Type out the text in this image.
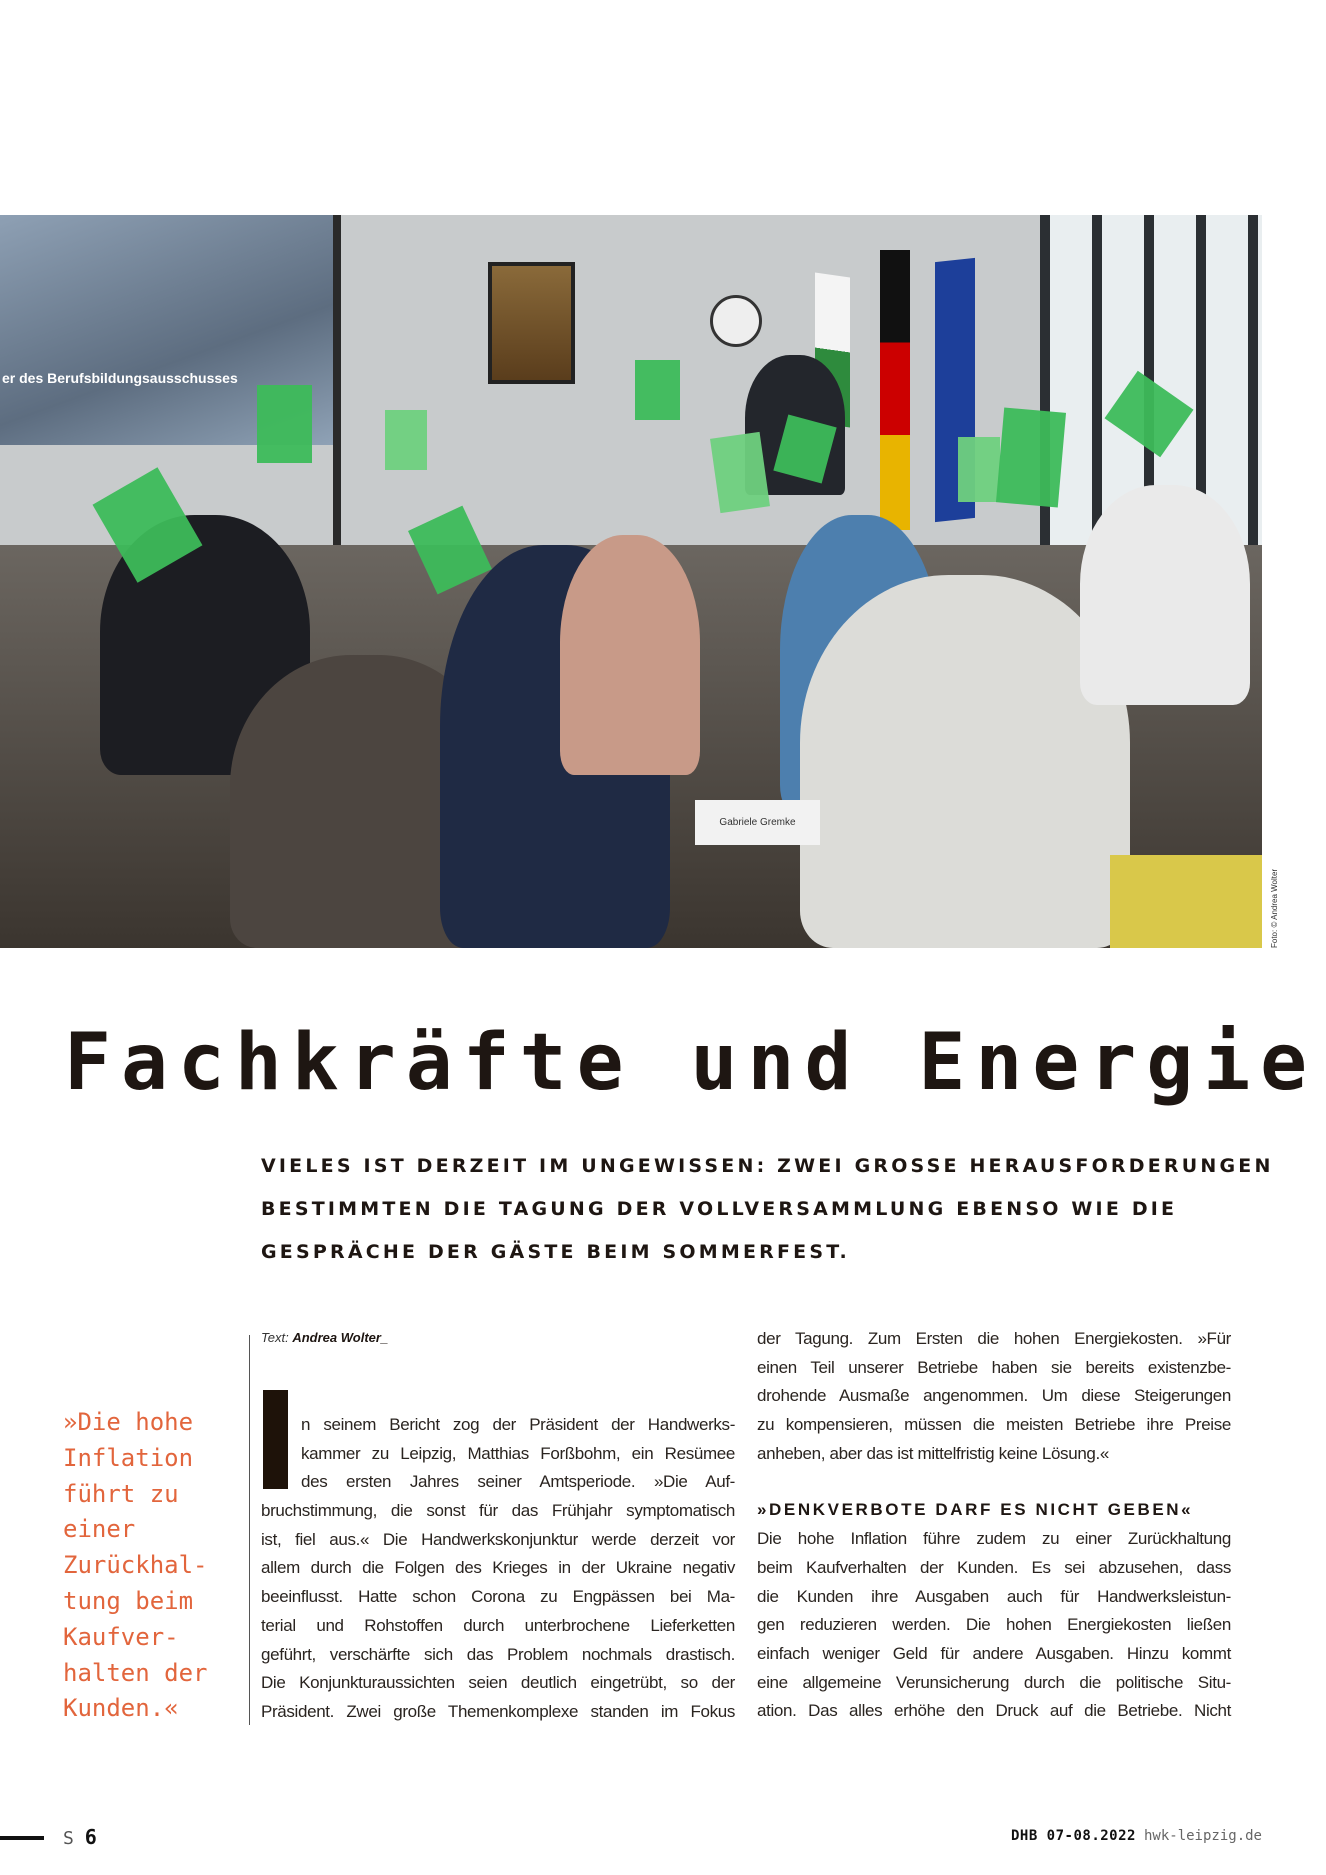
er des Berufsbildungsausschusses
Gabriele Gremke
Foto: © Andrea Wolter
Fachkräfte und Energie
VIELES IST DERZEIT IM UNGEWISSEN: ZWEI GROSSE HERAUSFORDERUNGEN
BESTIMMTEN DIE TAGUNG DER VOLLVERSAMMLUNG EBENSO WIE DIE
GESPRÄCHE DER GÄSTE BEIM SOMMERFEST.
»Die hohe
Inflation
führt zu
einer
Zurückhal-
tung beim
Kaufver-
halten der
Kunden.«
Text: Andrea Wolter_
n seinem Bericht zog der Präsident der Handwerks-
kammer zu Leipzig, Matthias Forßbohm, ein Resümee
des ersten Jahres seiner Amtsperiode. »Die Auf-
bruchstimmung, die sonst für das Frühjahr symptomatisch
ist, fiel aus.« Die Handwerkskonjunktur werde derzeit vor
allem durch die Folgen des Krieges in der Ukraine negativ
beeinflusst. Hatte schon Corona zu Engpässen bei Ma-
terial und Rohstoffen durch unterbrochene Lieferketten
geführt, verschärfte sich das Problem nochmals drastisch.
Die Konjunkturaussichten seien deutlich eingetrübt, so der
Präsident. Zwei große Themenkomplexe standen im Fokus
der Tagung. Zum Ersten die hohen Energiekosten. »Für
einen Teil unserer Betriebe haben sie bereits existenzbe-
drohende Ausmaße angenommen. Um diese Steigerungen
zu kompensieren, müssen die meisten Betriebe ihre Preise
anheben, aber das ist mittelfristig keine Lösung.«
»DENKVERBOTE DARF ES NICHT GEBEN«
Die hohe Inflation führe zudem zu einer Zurückhaltung
beim Kaufverhalten der Kunden. Es sei abzusehen, dass
die Kunden ihre Ausgaben auch für Handwerksleistun-
gen reduzieren werden. Die hohen Energiekosten ließen
einfach weniger Geld für andere Ausgaben. Hinzu kommt
eine allgemeine Verunsicherung durch die politische Situ-
ation. Das alles erhöhe den Druck auf die Betriebe. Nicht
S 6	DHB 07-08.2022 hwk-leipzig.de
